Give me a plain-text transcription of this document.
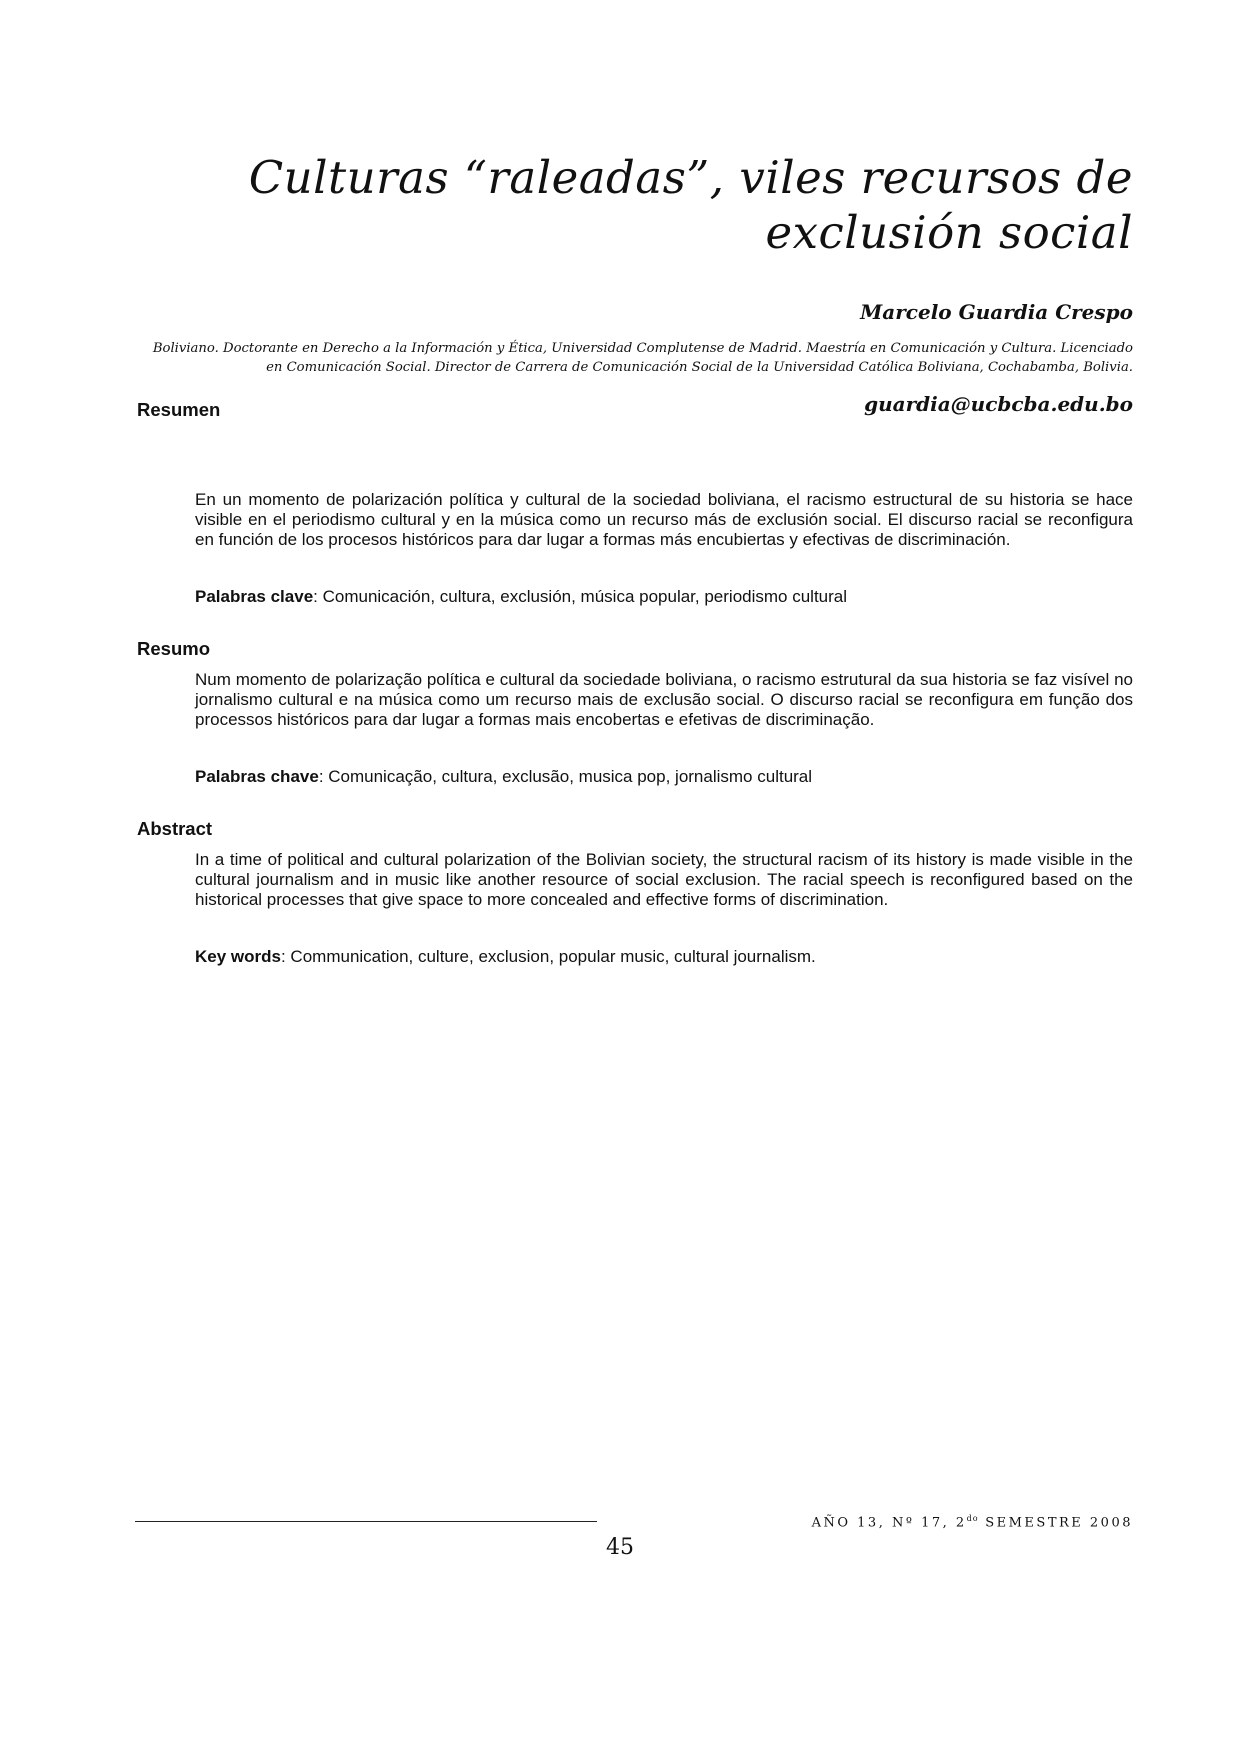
Culturas “raleadas”, viles recursos de exclusión social
Marcelo Guardia Crespo
Boliviano. Doctorante en Derecho a la Información y Ética, Universidad Complutense de Madrid. Maestría en Comunicación y Cultura. Licenciado en Comunicación Social. Director de Carrera de Comunicación Social de la Universidad Católica Boliviana, Cochabamba, Bolivia.
guardia@ucbcba.edu.bo
Resumen

En un momento de polarización política y cultural de la sociedad boliviana, el racismo estructural de su historia se hace visible en el periodismo cultural y en la música como un recurso más de exclusión social. El discurso racial se reconfigura en función de los procesos históricos para dar lugar a formas más encubiertas y efectivas de discriminación.

Palabras clave: Comunicación, cultura, exclusión, música popular, periodismo cultural

Resumo

Num momento de polarização política e cultural da sociedade boliviana, o racismo estrutural da sua historia se faz visível no jornalismo cultural e na música como um recurso mais de exclusão social. O discurso racial se reconfigura em função dos processos históricos para dar lugar a formas mais encobertas e efetivas de discriminação.

Palabras chave: Comunicação, cultura, exclusão, musica pop, jornalismo cultural

Abstract

In a time of political and cultural polarization of the Bolivian society, the structural racism of its history is made visible in the cultural journalism and in music like another resource of social exclusion. The racial speech is reconfigured based on the historical processes that give space to more concealed and effective forms of discrimination.

Key words: Communication, culture, exclusion, popular music, cultural journalism.

AÑO 13, Nº 17, $2^{do}$ SEMESTRE 2008
45
